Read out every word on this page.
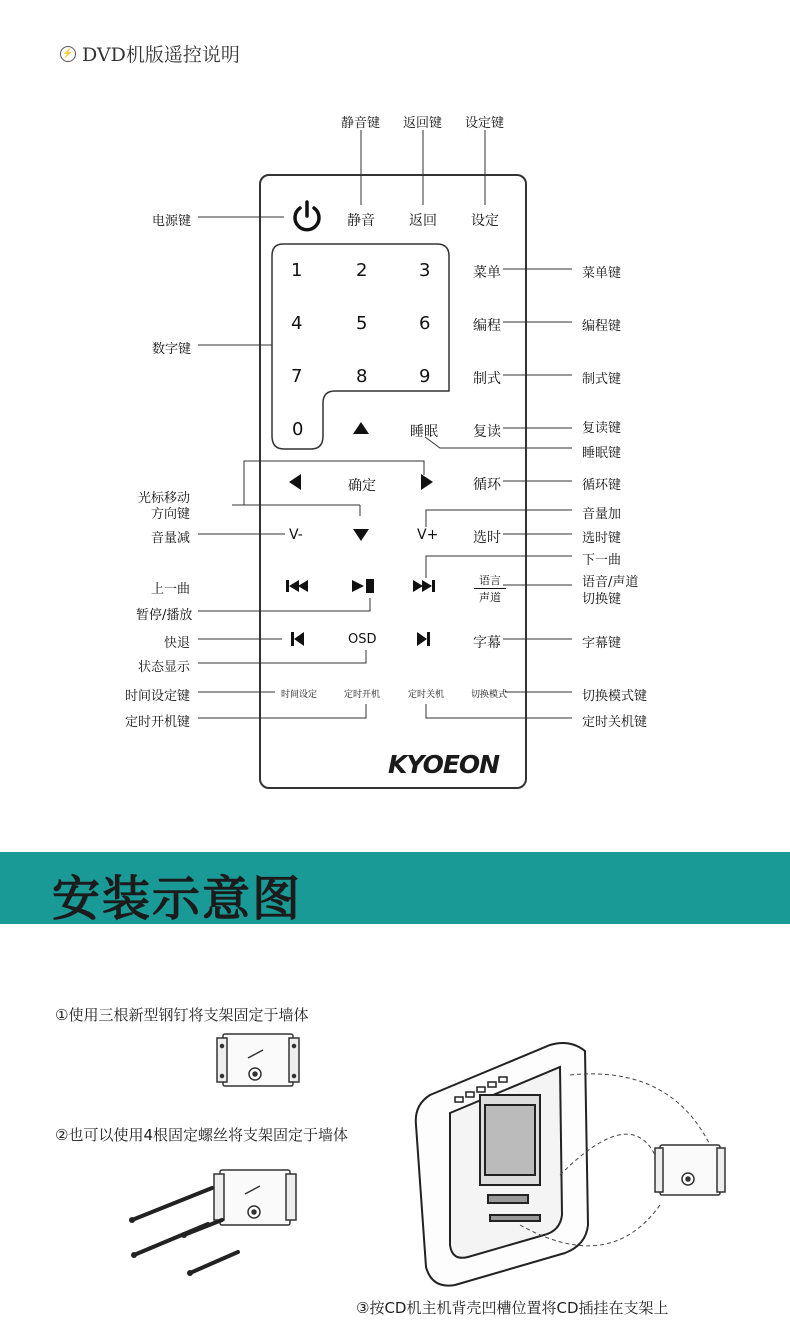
⚡ DVD机版遥控说明
静音 返回 设定
静音键 返回键 设定键
电源键
1	2	3
4	5	6
7	8	9
0
数字键
菜单
编程
制式
复读
睡眠
循环
选时
语言
声道
字幕
切换模式
菜单键
编程键
制式键
复读键
睡眠键
循环键
音量加
选时键
下一曲
语音/声道
切换键
字幕键
切换模式键
定时关机键
确定
V-	V+
OSD
时间设定	定时开机	定时关机
光标移动
方向键
音量减
上一曲
暂停/播放
快退
状态显示
时间设定键
定时开机键
KYOEON
安装示意图
①使用三根新型钢钉将支架固定于墙体
②也可以使用4根固定螺丝将支架固定于墙体
③按CD机主机背壳凹槽位置将CD插挂在支架上
